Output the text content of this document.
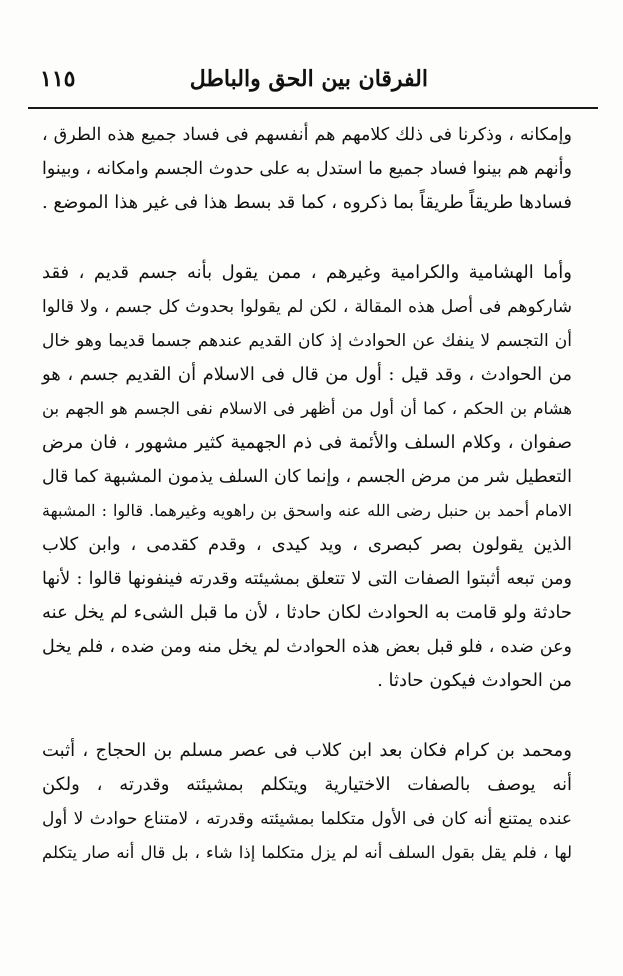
الفرقان بين الحق والباطل
١١٥
وإمكانه ، وذكرنا فى ذلك كلامهم هم أنفسهم فى فساد جميع هذه الطرق ،
وأنهم هم بينوا فساد جميع ما استدل به على حدوث الجسم وامكانه ، وبينوا
فسادها طريقاً طريقاً بما ذكروه ، كما قد بسط هذا فى غير هذا الموضع .
وأما الهشامية والكرامية وغيرهم ، ممن يقول بأنه جسم قديم ، فقد
شاركوهم فى أصل هذه المقالة ، لكن لم يقولوا بحدوث كل جسم ، ولا قالوا
أن التجسم لا ينفك عن الحوادث إذ كان القديم عندهم جسما قديما وهو خال
من الحوادث ، وقد قيل : أول من قال فى الاسلام أن القديم جسم ، هو
هشام بن الحكم ، كما أن أول من أظهر فى الاسلام نفى الجسم هو الجهم بن
صفوان ، وكلام السلف والأئمة فى ذم الجهمية كثير مشهور ، فان مرض
التعطيل شر من مرض الجسم ، وإنما كان السلف يذمون المشبهة كما قال
الامام أحمد بن حنبل رضى الله عنه واسحق بن راهويه وغيرهما. قالوا : المشبهة
الذين يقولون بصر كبصرى ، ويد كيدى ، وقدم كقدمى ، وابن كلاب
ومن تبعه أثبتوا الصفات التى لا تتعلق بمشيئته وقدرته فينفونها قالوا : لأنها
حادثة ولو قامت به الحوادث لكان حادثا ، لأن ما قبل الشىء لم يخل عنه
وعن ضده ، فلو قبل بعض هذه الحوادث لم يخل منه ومن ضده ، فلم يخل
من الحوادث فيكون حادثا .
ومحمد بن كرام فكان بعد ابن كلاب فى عصر مسلم بن الحجاج ، أثبت
أنه يوصف بالصفات الاختيارية ويتكلم بمشيئته وقدرته ، ولكن
عنده يمتنع أنه كان فى الأول متكلما بمشيئته وقدرته ، لامتناع حوادث لا أول
لها ، فلم يقل بقول السلف أنه لم يزل متكلما إذا شاء ، بل قال أنه صار يتكلم
